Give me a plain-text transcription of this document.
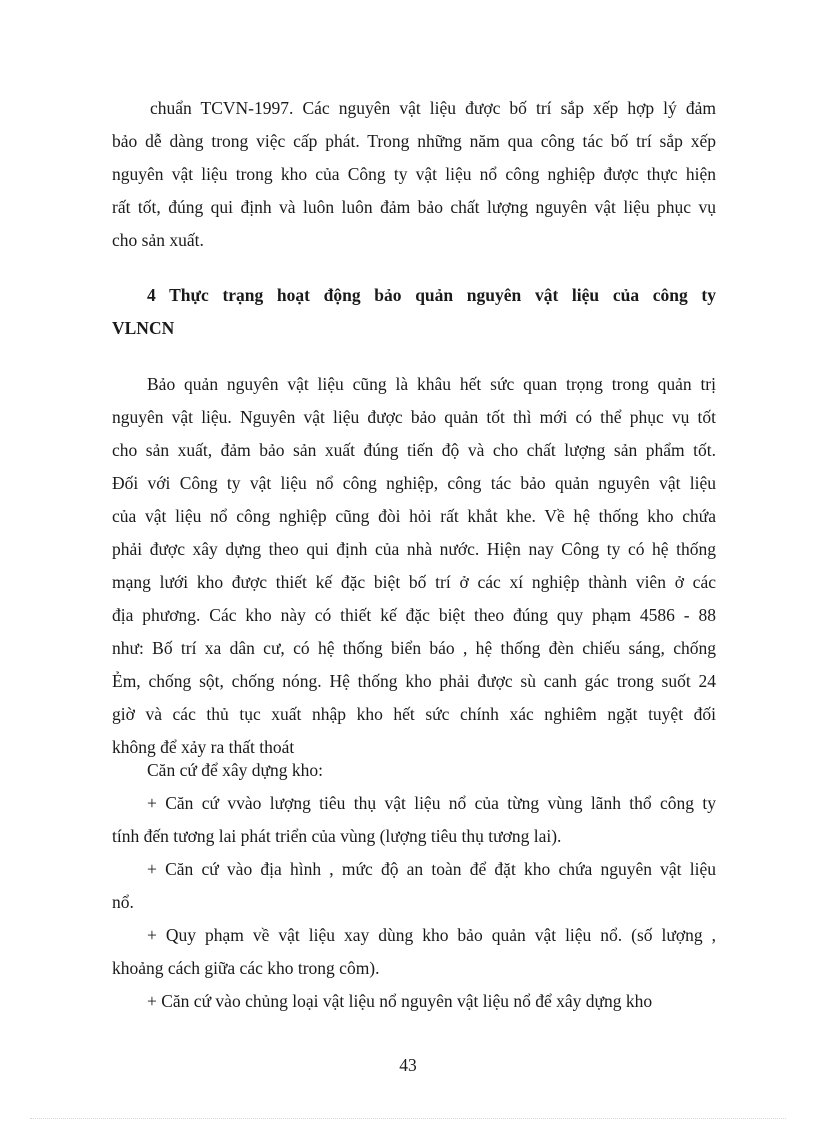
chuẩn TCVN-1997. Các nguyên vật liệu được bố trí sắp xếp hợp lý đảm
bảo dễ dàng trong việc cấp phát. Trong những năm qua công tác bố trí sắp xếp
nguyên vật liệu trong kho của Công ty vật liệu nổ công nghiệp được thực hiện
rất tốt, đúng qui định và luôn luôn đảm bảo chất lượng nguyên vật liệu phục vụ
cho sản xuất.
4 Thực trạng hoạt động bảo quản nguyên vật liệu của công ty
VLNCN
Bảo quản nguyên vật liệu cũng là khâu hết sức quan trọng trong quản trị
nguyên vật liệu. Nguyên vật liệu được bảo quản tốt thì mới có thể phục vụ tốt
cho sản xuất, đảm bảo sản xuất đúng tiến độ và cho chất lượng sản phẩm tốt.
Đối với Công ty vật liệu nổ công nghiệp, công tác bảo quản nguyên vật liệu
của vật liệu nổ công nghiệp cũng đòi hỏi rất khắt khe. Về hệ thống kho chứa
phải được xây dựng theo qui định của nhà nước. Hiện nay Công ty có hệ thống
mạng lưới kho được thiết kế đặc biệt bố trí ở các xí nghiệp thành viên ở các
địa phương. Các kho này có thiết kế đặc biệt theo đúng quy phạm 4586 - 88
như: Bố trí xa dân cư, có hệ thống biển báo , hệ thống đèn chiếu sáng, chống
Ẻm, chống sột, chống nóng. Hệ thống kho phải được sù canh gác trong suốt 24
giờ và các thủ tục xuất nhập kho hết sức chính xác nghiêm ngặt tuyệt đối
không để xảy ra thất thoát
Căn cứ để xây dựng kho:
+ Căn cứ vvào lượng tiêu thụ vật liệu nổ của từng vùng lãnh thổ công ty
tính đến tương lai phát triển của vùng (lượng tiêu thụ tương lai).
+ Căn cứ vào địa hình , mức độ an toàn để đặt kho chứa nguyên vật liệu
nổ.
+ Quy phạm về vật liệu xay dùng kho bảo quản vật liệu nổ. (số lượng ,
khoảng cách giữa các kho trong côm).
+ Căn cứ vào chủng loại vật liệu nổ nguyên vật liệu nổ để xây dựng kho
43
